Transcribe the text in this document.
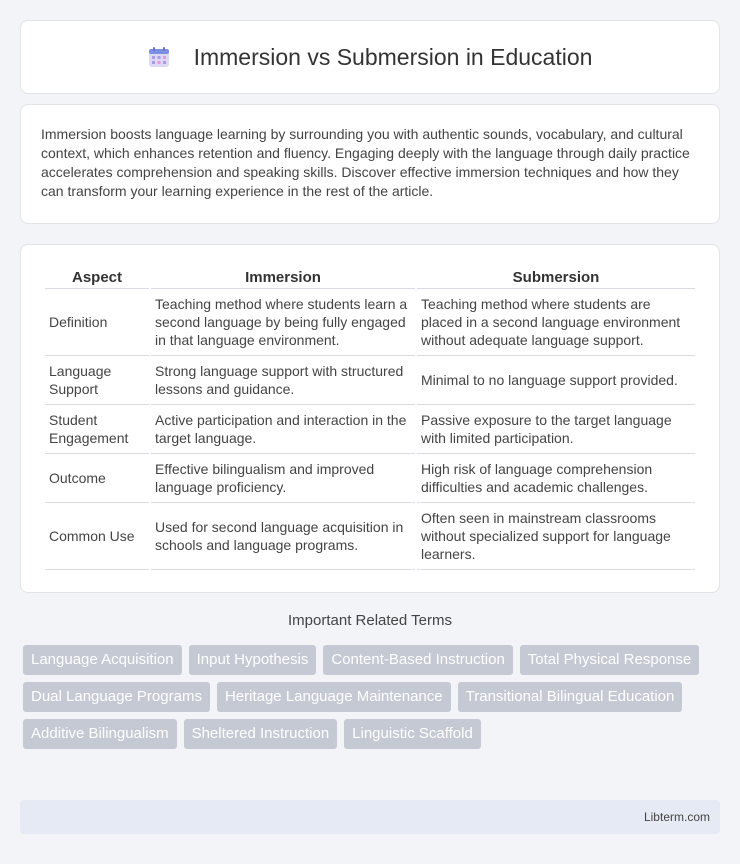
Immersion vs Submersion in Education

Immersion boosts language learning by surrounding you with authentic sounds, vocabulary, and cultural context, which enhances retention and fluency. Engaging deeply with the language through daily practice accelerates comprehension and speaking skills. Discover effective immersion techniques and how they can transform your learning experience in the rest of the article.

Aspect	Immersion	Submersion
Definition	Teaching method where students learn a second language by being fully engaged in that language environment.	Teaching method where students are placed in a second language environment without adequate language support.
Language Support	Strong language support with structured lessons and guidance.	Minimal to no language support provided.
Student Engagement	Active participation and interaction in the target language.	Passive exposure to the target language with limited participation.
Outcome	Effective bilingualism and improved language proficiency.	High risk of language comprehension difficulties and academic challenges.
Common Use	Used for second language acquisition in schools and language programs.	Often seen in mainstream classrooms without specialized support for language learners.
Important Related Terms
Language Acquisition	Input Hypothesis	Content-Based Instruction	Total Physical Response
Dual Language Programs	Heritage Language Maintenance	Transitional Bilingual Education
Additive Bilingualism	Sheltered Instruction	Linguistic Scaffold
Libterm.com
